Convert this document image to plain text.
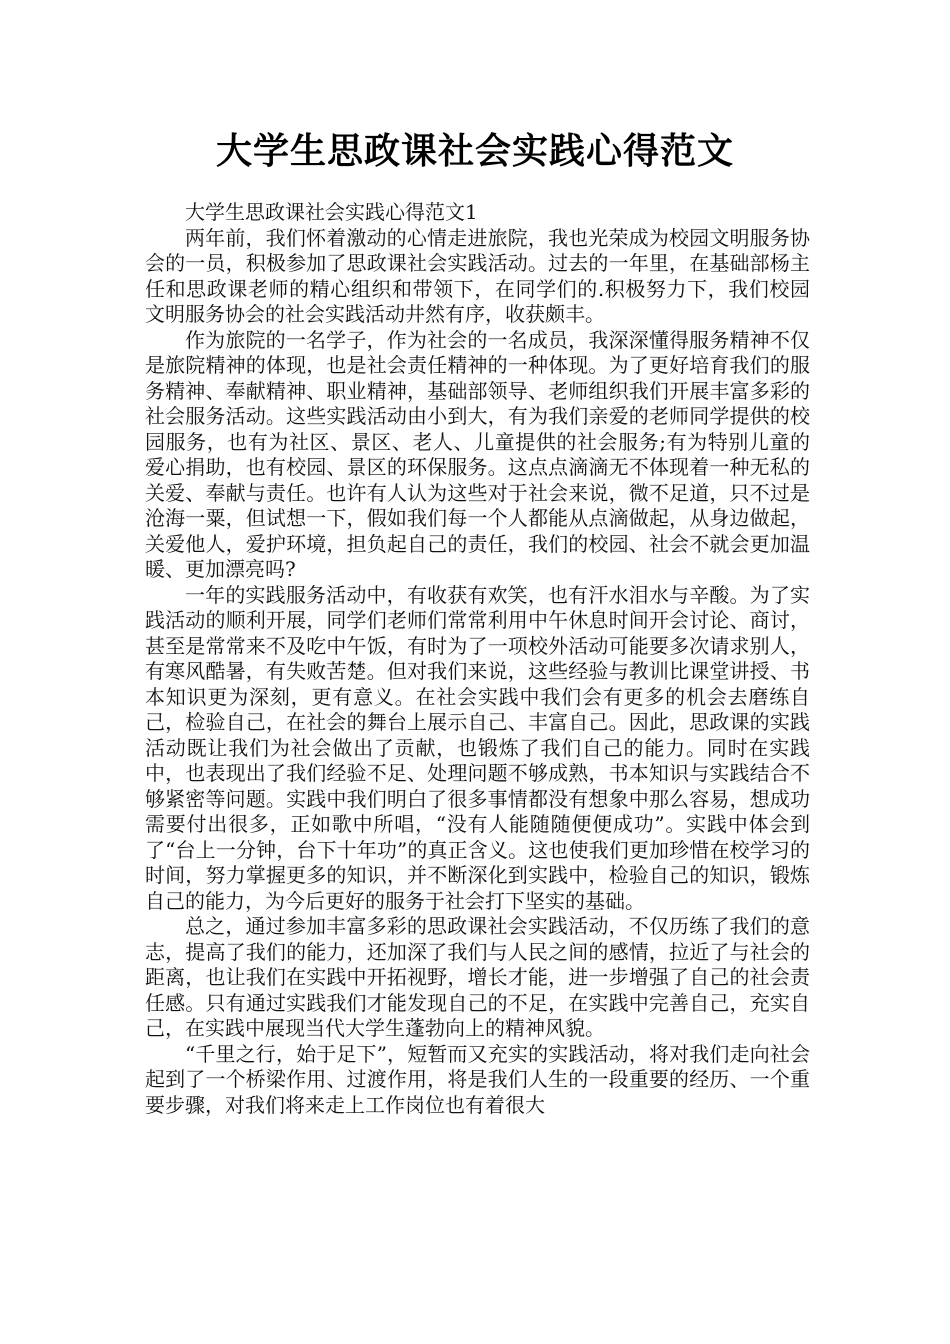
大学生思政课社会实践心得范文

大学生思政课社会实践心得范文1

两年前，我们怀着激动的心情走进旅院，我也光荣成为校园文明服务协会的一员，积极参加了思政课社会实践活动。过去的一年里，在基础部杨主任和思政课老师的精心组织和带领下，在同学们的.积极努力下，我们校园文明服务协会的社会实践活动井然有序，收获颇丰。

作为旅院的一名学子，作为社会的一名成员，我深深懂得服务精神不仅是旅院精神的体现，也是社会责任精神的一种体现。为了更好培育我们的服务精神、奉献精神、职业精神，基础部领导、老师组织我们开展丰富多彩的社会服务活动。这些实践活动由小到大，有为我们亲爱的老师同学提供的校园服务，也有为社区、景区、老人、儿童提供的社会服务;有为特别儿童的爱心捐助，也有校园、景区的环保服务。这点点滴滴无不体现着一种无私的关爱、奉献与责任。也许有人认为这些对于社会来说，微不足道，只不过是沧海一粟，但试想一下，假如我们每一个人都能从点滴做起，从身边做起，关爱他人，爱护环境，担负起自己的责任，我们的校园、社会不就会更加温暖、更加漂亮吗?

一年的实践服务活动中，有收获有欢笑，也有汗水泪水与辛酸。为了实践活动的顺利开展，同学们老师们常常利用中午休息时间开会讨论、商讨，甚至是常常来不及吃中午饭，有时为了一项校外活动可能要多次请求别人，有寒风酷暑，有失败苦楚。但对我们来说，这些经验与教训比课堂讲授、书本知识更为深刻，更有意义。在社会实践中我们会有更多的机会去磨练自己，检验自己，在社会的舞台上展示自己、丰富自己。因此，思政课的实践活动既让我们为社会做出了贡献，也锻炼了我们自己的能力。同时在实践中，也表现出了我们经验不足、处理问题不够成熟，书本知识与实践结合不够紧密等问题。实践中我们明白了很多事情都没有想象中那么容易，想成功需要付出很多，正如歌中所唱，“没有人能随随便便成功”。实践中体会到了“台上一分钟，台下十年功”的真正含义。这也使我们更加珍惜在校学习的时间，努力掌握更多的知识，并不断深化到实践中，检验自己的知识，锻炼自己的能力，为今后更好的服务于社会打下坚实的基础。

总之，通过参加丰富多彩的思政课社会实践活动，不仅历练了我们的意志，提高了我们的能力，还加深了我们与人民之间的感情，拉近了与社会的距离，也让我们在实践中开拓视野，增长才能，进一步增强了自己的社会责任感。只有通过实践我们才能发现自己的不足，在实践中完善自己，充实自己，在实践中展现当代大学生蓬勃向上的精神风貌。

“千里之行，始于足下”，短暂而又充实的实践活动，将对我们走向社会起到了一个桥梁作用、过渡作用，将是我们人生的一段重要的经历、一个重要步骤，对我们将来走上工作岗位也有着很大
